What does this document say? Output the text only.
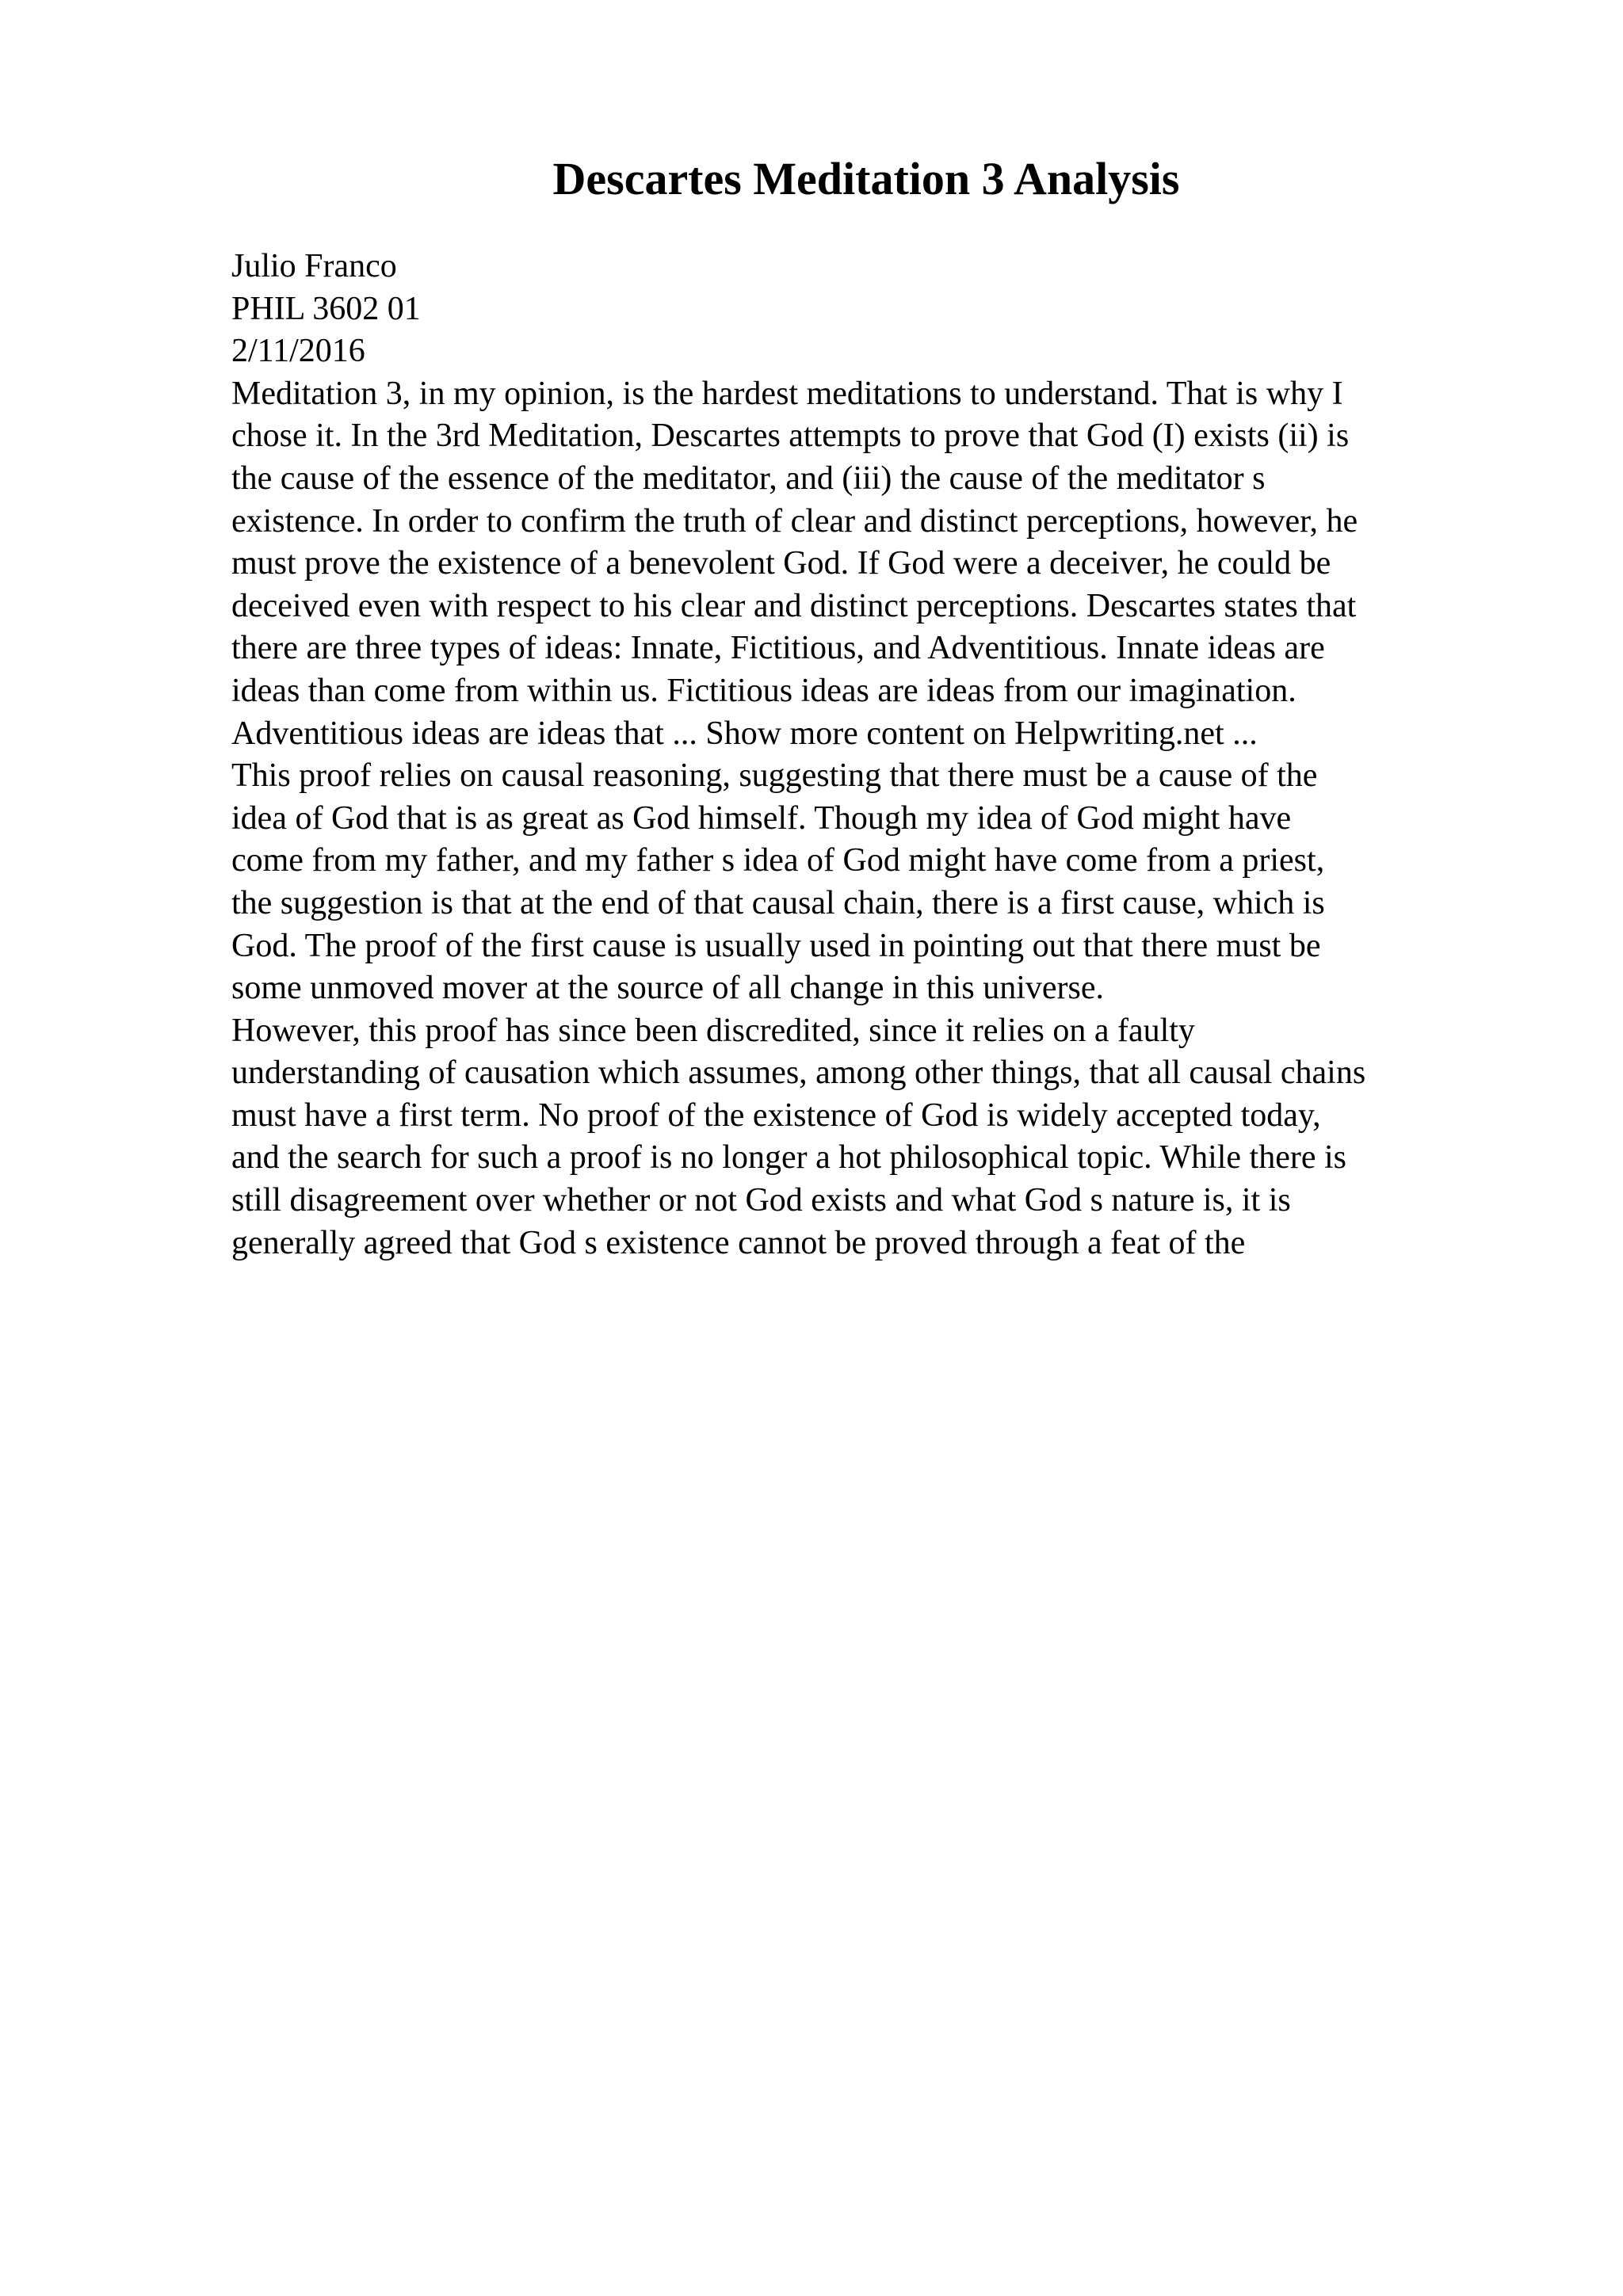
Descartes Meditation 3 Analysis
Julio Franco
PHIL 3602 01
2/11/2016
Meditation 3, in my opinion, is the hardest meditations to understand. That is why I
chose it. In the 3rd Meditation, Descartes attempts to prove that God (I) exists (ii) is
the cause of the essence of the meditator, and (iii) the cause of the meditator s
existence. In order to confirm the truth of clear and distinct perceptions, however, he
must prove the existence of a benevolent God. If God were a deceiver, he could be
deceived even with respect to his clear and distinct perceptions. Descartes states that
there are three types of ideas: Innate, Fictitious, and Adventitious. Innate ideas are
ideas than come from within us. Fictitious ideas are ideas from our imagination.
Adventitious ideas are ideas that ... Show more content on Helpwriting.net ...
This proof relies on causal reasoning, suggesting that there must be a cause of the
idea of God that is as great as God himself. Though my idea of God might have
come from my father, and my father s idea of God might have come from a priest,
the suggestion is that at the end of that causal chain, there is a first cause, which is
God. The proof of the first cause is usually used in pointing out that there must be
some unmoved mover at the source of all change in this universe.
However, this proof has since been discredited, since it relies on a faulty
understanding of causation which assumes, among other things, that all causal chains
must have a first term. No proof of the existence of God is widely accepted today,
and the search for such a proof is no longer a hot philosophical topic. While there is
still disagreement over whether or not God exists and what God s nature is, it is
generally agreed that God s existence cannot be proved through a feat of the
